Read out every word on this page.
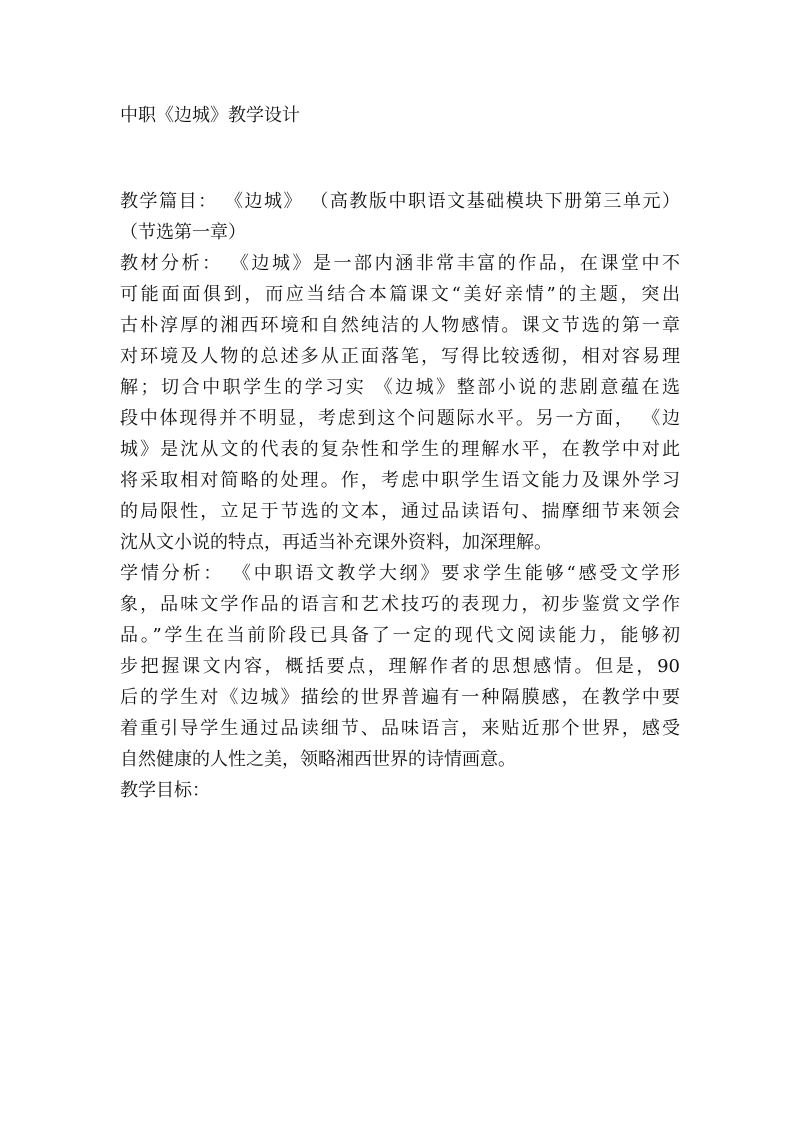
中职《边城》教学设计
教学篇目： 《边城》 （高教版中职语文基础模块下册第三单元）
（节选第一章）
教材分析： 《边城》是一部内涵非常丰富的作品，在课堂中不
可能面面俱到，而应当结合本篇课文“美好亲情”的主题，突出
古朴淳厚的湘西环境和自然纯洁的人物感情。课文节选的第一章
对环境及人物的总述多从正面落笔，写得比较透彻，相对容易理
解；切合中职学生的学习实 《边城》整部小说的悲剧意蕴在选
段中体现得并不明显，考虑到这个问题际水平。另一方面， 《边
城》是沈从文的代表的复杂性和学生的理解水平，在教学中对此
将采取相对简略的处理。作，考虑中职学生语文能力及课外学习
的局限性，立足于节选的文本，通过品读语句、揣摩细节来领会
沈从文小说的特点，再适当补充课外资料，加深理解。
学情分析： 《中职语文教学大纲》要求学生能够“感受文学形
象，品味文学作品的语言和艺术技巧的表现力，初步鉴赏文学作
品。”学生在当前阶段已具备了一定的现代文阅读能力，能够初
步把握课文内容，概括要点，理解作者的思想感情。但是，90
后的学生对《边城》描绘的世界普遍有一种隔膜感，在教学中要
着重引导学生通过品读细节、品味语言，来贴近那个世界，感受
自然健康的人性之美，领略湘西世界的诗情画意。
教学目标：
